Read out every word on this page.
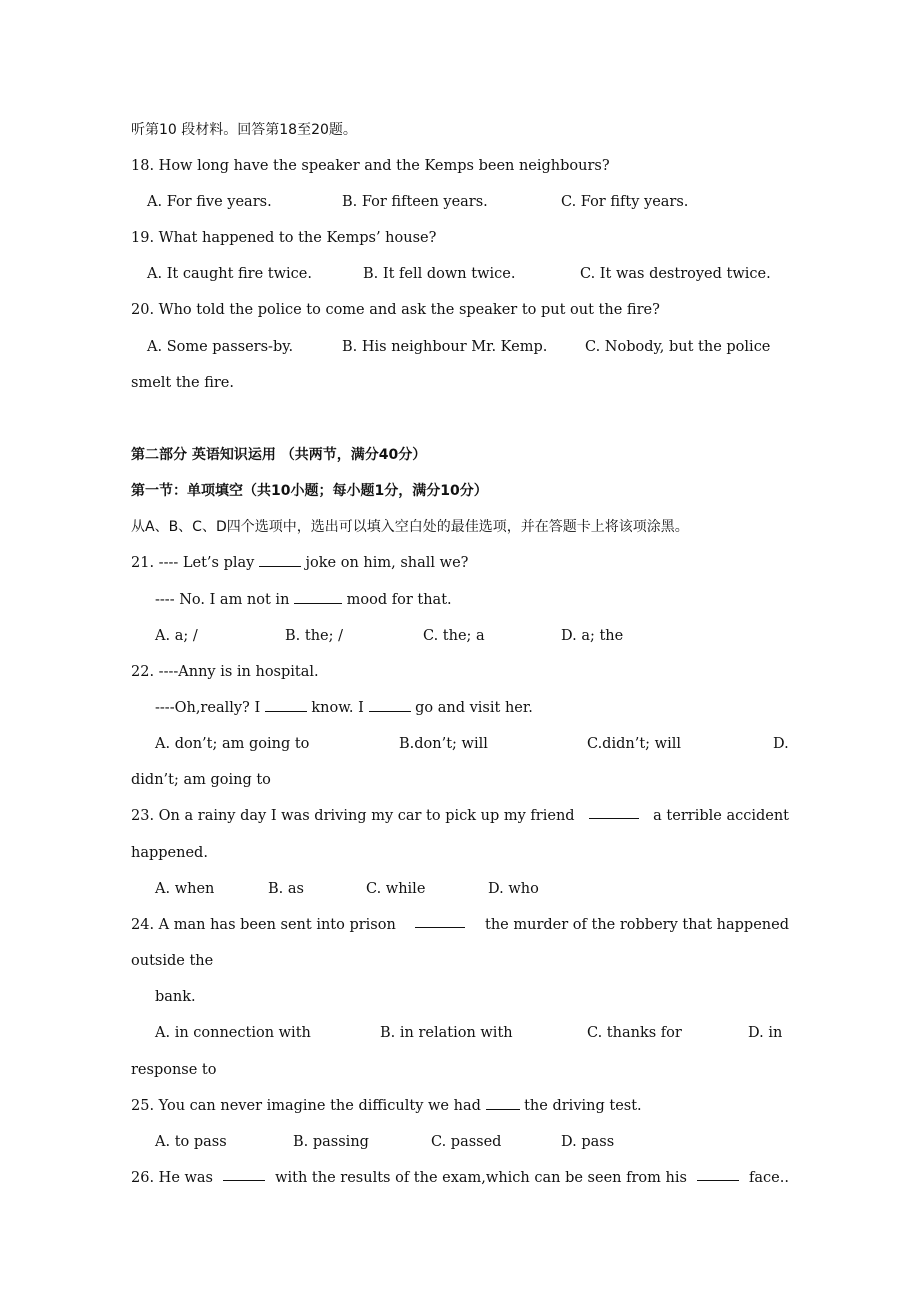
听第10 段材料。回答第18至20题。
18. How long have the speaker and the Kemps been neighbours?
A. For five years.	B. For fifteen years.	C. For fifty years.
19. What happened to the Kemps’ house?
A. It caught fire twice.	B. It fell down twice.	C. It was destroyed twice.
20. Who told the police to come and ask the speaker to put out the fire?
A. Some passers-by.	B. His neighbour Mr. Kemp.	C. Nobody, but the police
smelt the fire.
第二部分 英语知识运用 （共两节，满分40分）
第一节：单项填空（共10小题；每小题1分，满分10分）
从A、B、C、D四个选项中，选出可以填入空白处的最佳选项，并在答题卡上将该项涂黑。
21. ---- Let’s play	joke on him, shall we?
---- No. I am not in	mood for that.
A. a; /	B. the; /	C. the; a	D. a; the
22. ----Anny is in hospital.
----Oh,really? I	know. I	go and visit her.
A. don’t; am going to	B.don’t; will	C.didn’t; will	D.
didn’t; am going to
23. On a rainy day I was driving my car to pick up my friend	a terrible accident
happened.
A. when	B. as	C. while	D. who
24. A man has been sent into prison	the murder of the robbery that happened
outside the
bank.
A. in connection with	B. in relation with	C. thanks for	D. in
response to
25. You can never imagine the difficulty we had	the driving test.
A. to pass	B. passing	C. passed	D. pass
26. He was	with the results of the exam,which can be seen from his	face..
